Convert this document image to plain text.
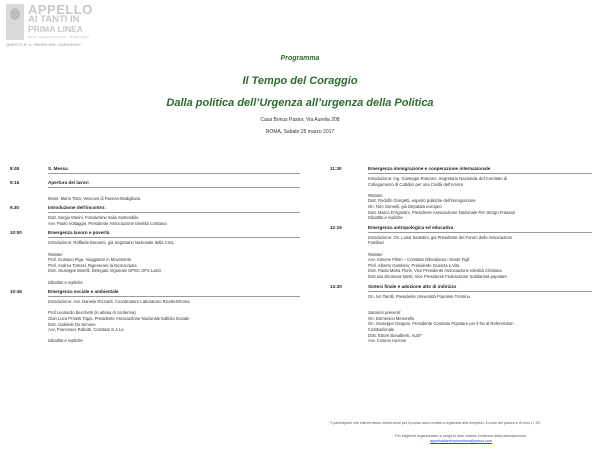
APPELLO
AI TANTI IN
PRIMA LINEA
Roma · Istituto Bonus Pastor · 25 Marzo 2017
QUESTO E' IL TEMPO DEL CORAGGIO !
Programma
Il Tempo del Coraggio
Dalla politica dell’Urgenza all’urgenza della Politica
Casa Bonus Pastor, Via Aurelia 208
ROMA, Sabato 25 marzo 2017
8:45	S. Messa
9:15	Apertura dei lavori

Mons. Mario Toso, Vescovo di Faenza-Modigliana
9.30	Introduzione dell'incontro:
Dott. Sergio Marini, Fondazione Italia Sostenibile
Avv. Paolo Voltaggio, Presidente Associazione Identità Cristiana
10:00	Emergenza lavoro e povertà
Introduzione: Raffaele Bonanni, già Segretario Nazionale della CISL

Relatori
Prof. Gustavo Piga, Viaggiatori in Movimento
Prof. Andrea Tomasi, Rigenerare la Democrazia
Dott. Giuseppe Morelli, Delegato regionale GPSC OFS Lazio

Dibattito e repliche
10:45	Emergenza sociale e ambientale
Introduzione: Avv. Daniele Rizzardi, Coordinatore Laboratorio RicetteXRoma

Prof Leonardo Becchetti (in attesa di conferma)
Gian Luca Proietti Toppi, Presidente Associazione Nazionale Edilizia Sociale
Dott. Gabriele De Simone
Avv, Francesco Rabotti, Comitato S.A.Le.

Dibattito e repliche
11:30	Emergenza immigrazione e cooperazione internazionale
Introduzione: Ing. Giuseppe Rotunno, Segretario Nazionale del Comitato di
Collegamento di Cattolici per una Civiltà dell'Amore

Relatori
Dott. Rodolfo Giorgetti, esperto politiche dell'immigrazione
On. Niro Gemelli, già Deputato europeo
Dott. Marco D'Agostini, Presidente Associazione Nazionale Per Giorgo Frassati
Dibattito e repliche
12:15	Emergenza antropologica ed educativa
Introduzione: On. Luisa Santolini, già Presidente del Forum delle Associazioni
Familiari

Relatori
Avv. Simone Pillon – Comitato Difendiamo i Nostri Figli
Prof. Alberto Gambino, Presidente Scienza e Vita
Dott. Paola Maria Floris, Vice Presidente Associazione Identità Cristiana
Dott.ssa Eleonora Mosti, Vice Presidente Federazione Solidarietà popolare
13:30	Sintesi finale e adozione atto di indirizzo
On. Ivo Tarolli, Presidente Università Popolare Trentina

Saranno presenti:
On. Domenico Menorello
On. Giuseppe Gargani, Presidente Comitato Popolare per il No al Referendum
Costituzionale
Dott. Ettore Bonalberti, ALEF
Avv. Cosimo Iacrone
*I partecipanti che interverranno riceveranno per il pranzo sono invitati a registrarsi alla reception. Il costo del pranzo è di euro 17,00.
Per esigenze organizzative si prega di dare cortese conferma della partecipazione:
appelloaitantiinprimalinea@yahoo.com
